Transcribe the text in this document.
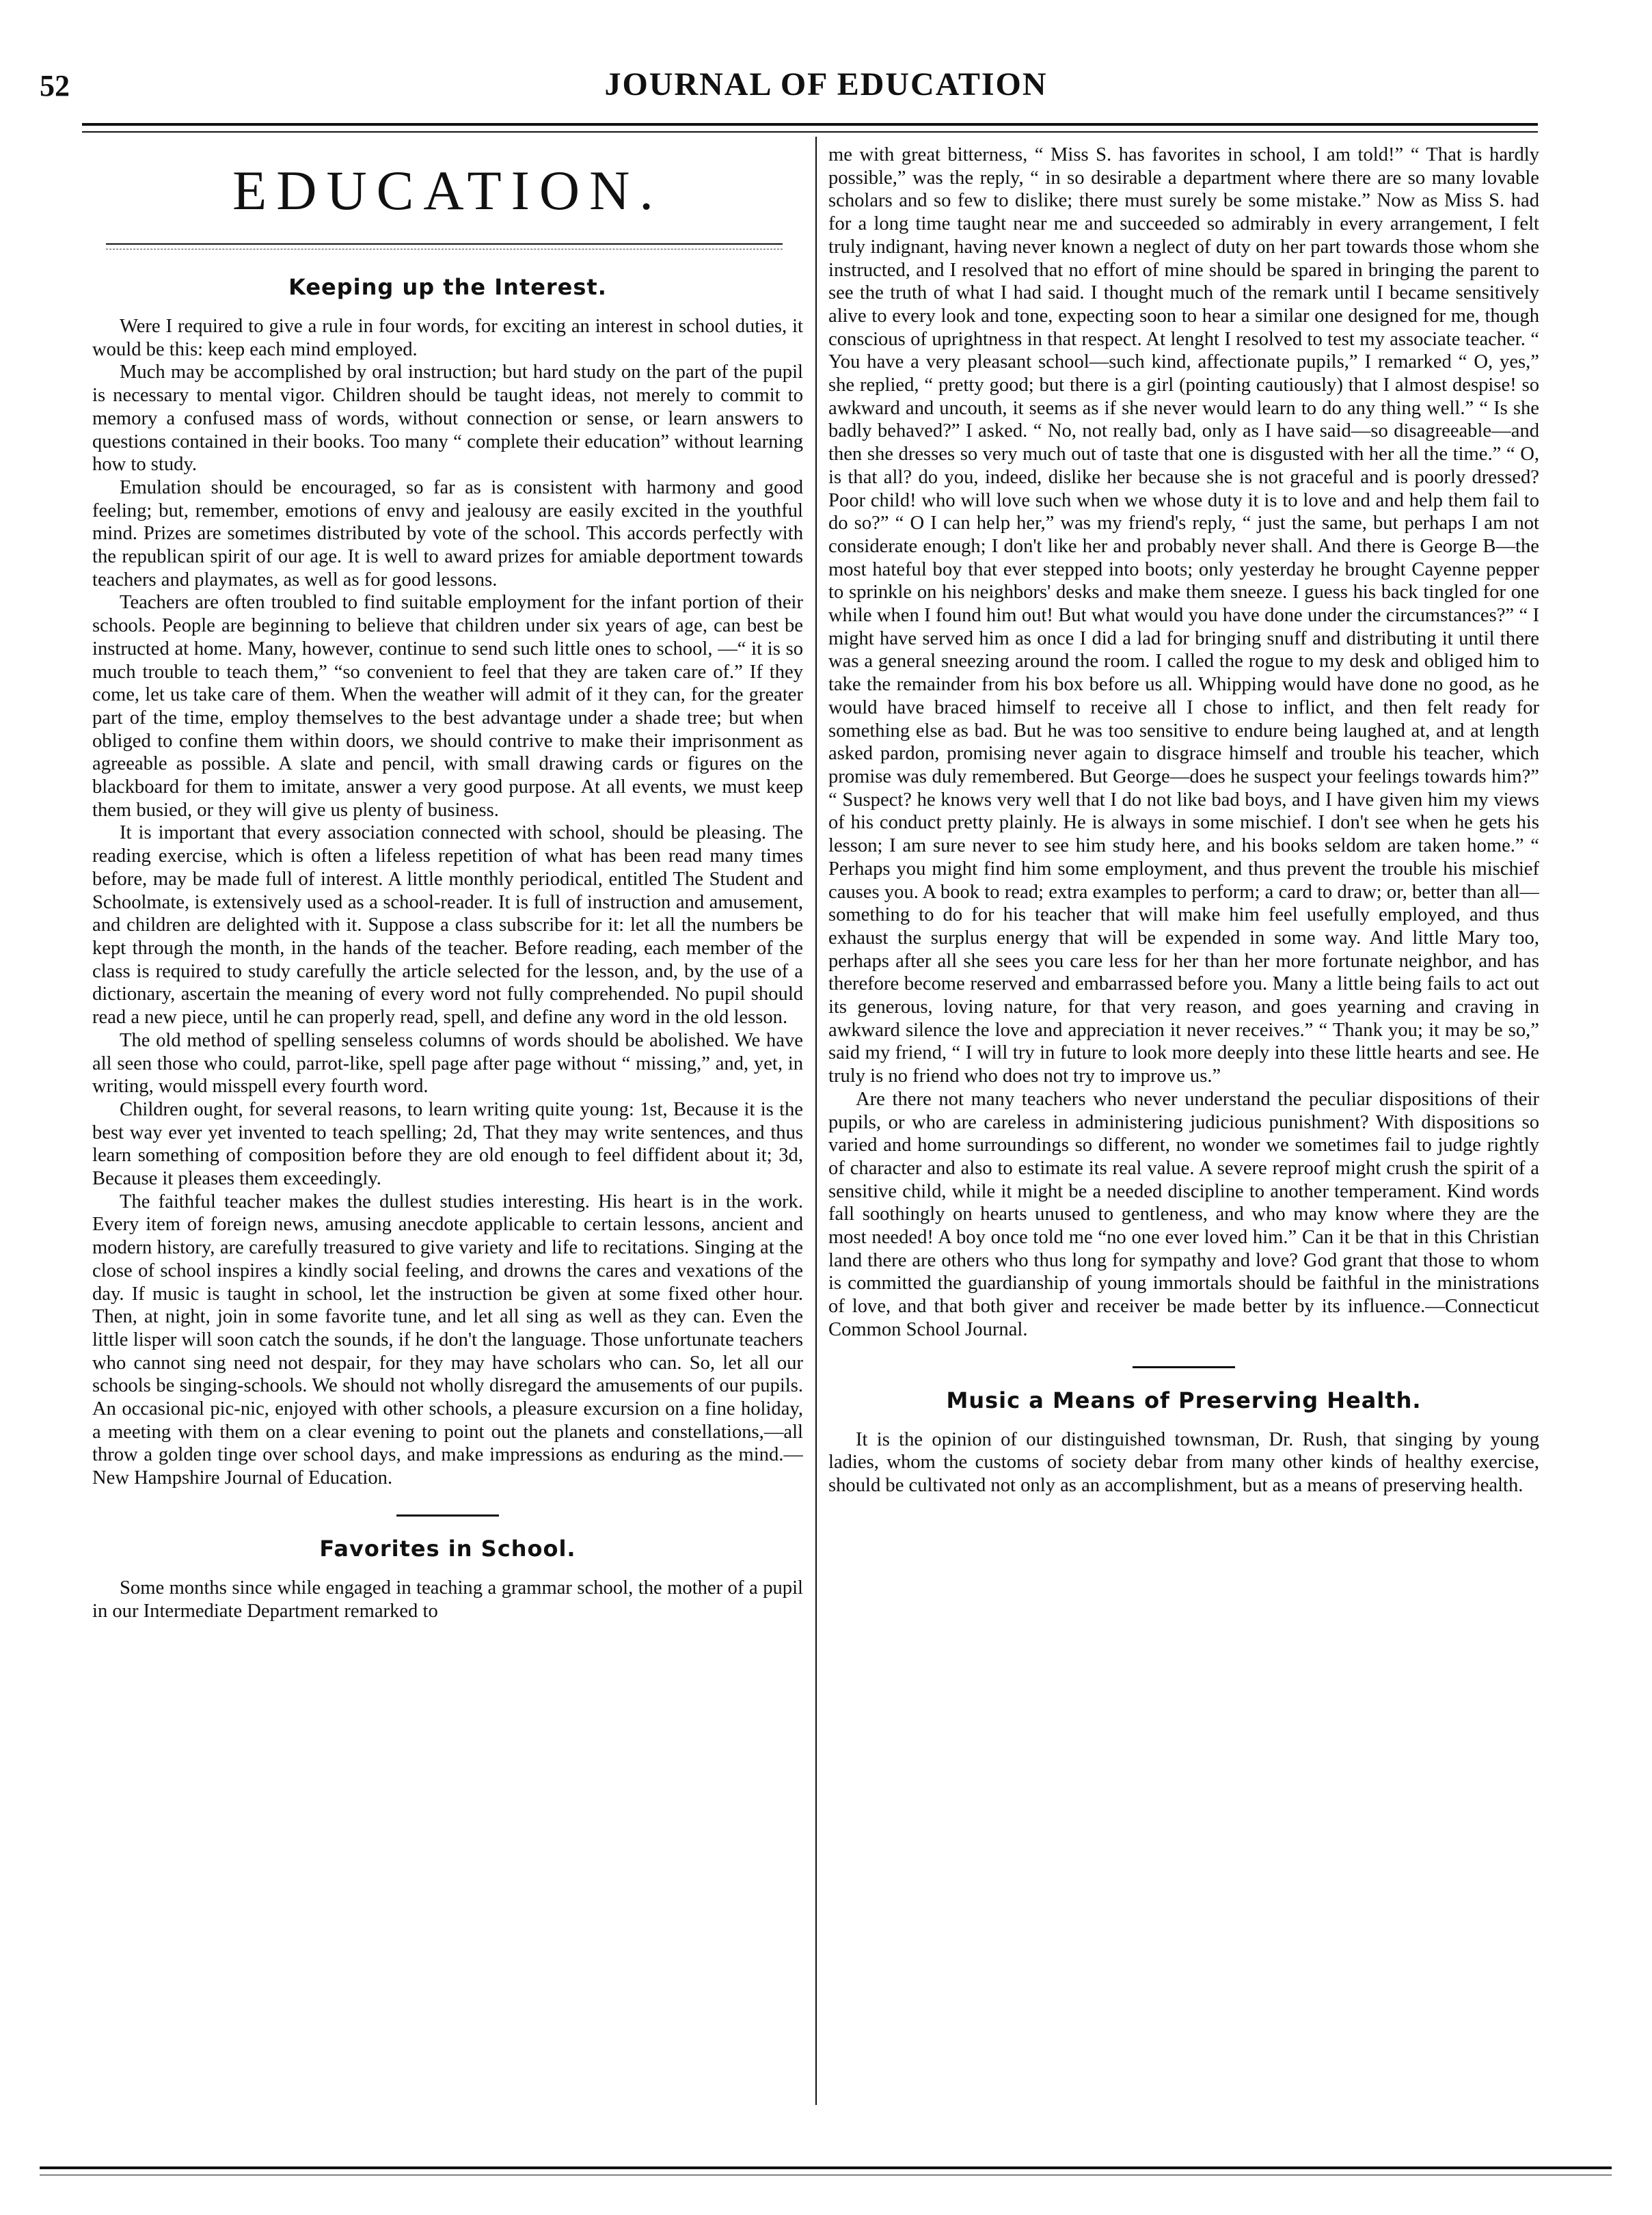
52	JOURNAL OF EDUCATION
EDUCATION.
Keeping up the Interest.

Were I required to give a rule in four words, for exciting an interest in school duties, it would be this: keep each mind employed.

Much may be accomplished by oral instruction; but hard study on the part of the pupil is necessary to mental vigor. Children should be taught ideas, not merely to commit to memory a confused mass of words, without connection or sense, or learn answers to questions contained in their books. Too many “ complete their education” without learning how to study.

Emulation should be encouraged, so far as is consistent with harmony and good feeling; but, remember, emotions of envy and jealousy are easily excited in the youthful mind. Prizes are sometimes distributed by vote of the school. This accords perfectly with the republican spirit of our age. It is well to award prizes for amiable deportment towards teachers and playmates, as well as for good lessons.

Teachers are often troubled to find suitable employment for the infant portion of their schools. People are beginning to believe that children under six years of age, can best be instructed at home. Many, however, continue to send such little ones to school, —“ it is so much trouble to teach them,” “so convenient to feel that they are taken care of.” If they come, let us take care of them. When the weather will admit of it they can, for the greater part of the time, employ themselves to the best advantage under a shade tree; but when obliged to confine them within doors, we should contrive to make their imprisonment as agreeable as possible. A slate and pencil, with small drawing cards or figures on the blackboard for them to imitate, answer a very good purpose. At all events, we must keep them busied, or they will give us plenty of business.

It is important that every association connected with school, should be pleasing. The reading exercise, which is often a lifeless repetition of what has been read many times before, may be made full of interest. A little monthly periodical, entitled The Student and Schoolmate, is extensively used as a school-reader. It is full of instruction and amusement, and children are delighted with it. Suppose a class subscribe for it: let all the numbers be kept through the month, in the hands of the teacher. Before reading, each member of the class is required to study carefully the article selected for the lesson, and, by the use of a dictionary, ascertain the meaning of every word not fully comprehended. No pupil should read a new piece, until he can properly read, spell, and define any word in the old lesson.

The old method of spelling senseless columns of words should be abolished. We have all seen those who could, parrot-like, spell page after page without “ missing,” and, yet, in writing, would misspell every fourth word.

Children ought, for several reasons, to learn writing quite young: 1st, Because it is the best way ever yet invented to teach spelling; 2d, That they may write sentences, and thus learn something of composition before they are old enough to feel diffident about it; 3d, Because it pleases them exceedingly.

The faithful teacher makes the dullest studies interesting. His heart is in the work. Every item of foreign news, amusing anecdote applicable to certain lessons, ancient and modern history, are carefully treasured to give variety and life to recitations. Singing at the close of school inspires a kindly social feeling, and drowns the cares and vexations of the day. If music is taught in school, let the instruction be given at some fixed other hour. Then, at night, join in some favorite tune, and let all sing as well as they can. Even the little lisper will soon catch the sounds, if he don't the language. Those unfortunate teachers who cannot sing need not despair, for they may have scholars who can. So, let all our schools be singing-schools. We should not wholly disregard the amusements of our pupils. An occasional pic-nic, enjoyed with other schools, a pleasure excursion on a fine holiday, a meeting with them on a clear evening to point out the planets and constellations,—all throw a golden tinge over school days, and make impressions as enduring as the mind.—New Hampshire Journal of Education.

Favorites in School.

Some months since while engaged in teaching a grammar school, the mother of a pupil in our Intermediate Department remarked to

me with great bitterness, “ Miss S. has favorites in school, I am told!” “ That is hardly possible,” was the reply, “ in so desirable a department where there are so many lovable scholars and so few to dislike; there must surely be some mistake.” Now as Miss S. had for a long time taught near me and succeeded so admirably in every arrangement, I felt truly indignant, having never known a neglect of duty on her part towards those whom she instructed, and I resolved that no effort of mine should be spared in bringing the parent to see the truth of what I had said. I thought much of the remark until I became sensitively alive to every look and tone, expecting soon to hear a similar one designed for me, though conscious of uprightness in that respect. At lenght I resolved to test my associate teacher. “ You have a very pleasant school—such kind, affectionate pupils,” I remarked “ O, yes,” she replied, “ pretty good; but there is a girl (pointing cautiously) that I almost despise! so awkward and uncouth, it seems as if she never would learn to do any thing well.” “ Is she badly behaved?” I asked. “ No, not really bad, only as I have said—so disagreeable—and then she dresses so very much out of taste that one is disgusted with her all the time.” “ O, is that all? do you, indeed, dislike her because she is not graceful and is poorly dressed? Poor child! who will love such when we whose duty it is to love and and help them fail to do so?” “ O I can help her,” was my friend's reply, “ just the same, but perhaps I am not considerate enough; I don't like her and probably never shall. And there is George B—the most hateful boy that ever stepped into boots; only yesterday he brought Cayenne pepper to sprinkle on his neighbors' desks and make them sneeze. I guess his back tingled for one while when I found him out! But what would you have done under the circumstances?” “ I might have served him as once I did a lad for bringing snuff and distributing it until there was a general sneezing around the room. I called the rogue to my desk and obliged him to take the remainder from his box before us all. Whipping would have done no good, as he would have braced himself to receive all I chose to inflict, and then felt ready for something else as bad. But he was too sensitive to endure being laughed at, and at length asked pardon, promising never again to disgrace himself and trouble his teacher, which promise was duly remembered. But George—does he suspect your feelings towards him?” “ Suspect? he knows very well that I do not like bad boys, and I have given him my views of his conduct pretty plainly. He is always in some mischief. I don't see when he gets his lesson; I am sure never to see him study here, and his books seldom are taken home.” “ Perhaps you might find him some employment, and thus prevent the trouble his mischief causes you. A book to read; extra examples to perform; a card to draw; or, better than all—something to do for his teacher that will make him feel usefully employed, and thus exhaust the surplus energy that will be expended in some way. And little Mary too, perhaps after all she sees you care less for her than her more fortunate neighbor, and has therefore become reserved and embarrassed before you. Many a little being fails to act out its generous, loving nature, for that very reason, and goes yearning and craving in awkward silence the love and appreciation it never receives.” “ Thank you; it may be so,” said my friend, “ I will try in future to look more deeply into these little hearts and see. He truly is no friend who does not try to improve us.”

Are there not many teachers who never understand the peculiar dispositions of their pupils, or who are careless in administering judicious punishment? With dispositions so varied and home surroundings so different, no wonder we sometimes fail to judge rightly of character and also to estimate its real value. A severe reproof might crush the spirit of a sensitive child, while it might be a needed discipline to another temperament. Kind words fall soothingly on hearts unused to gentleness, and who may know where they are the most needed! A boy once told me “no one ever loved him.” Can it be that in this Christian land there are others who thus long for sympathy and love? God grant that those to whom is committed the guardianship of young immortals should be faithful in the ministrations of love, and that both giver and receiver be made better by its influence.—Connecticut Common School Journal.

Music a Means of Preserving Health.

It is the opinion of our distinguished townsman, Dr. Rush, that singing by young ladies, whom the customs of society debar from many other kinds of healthy exercise, should be cultivated not only as an accomplishment, but as a means of preserving health.
